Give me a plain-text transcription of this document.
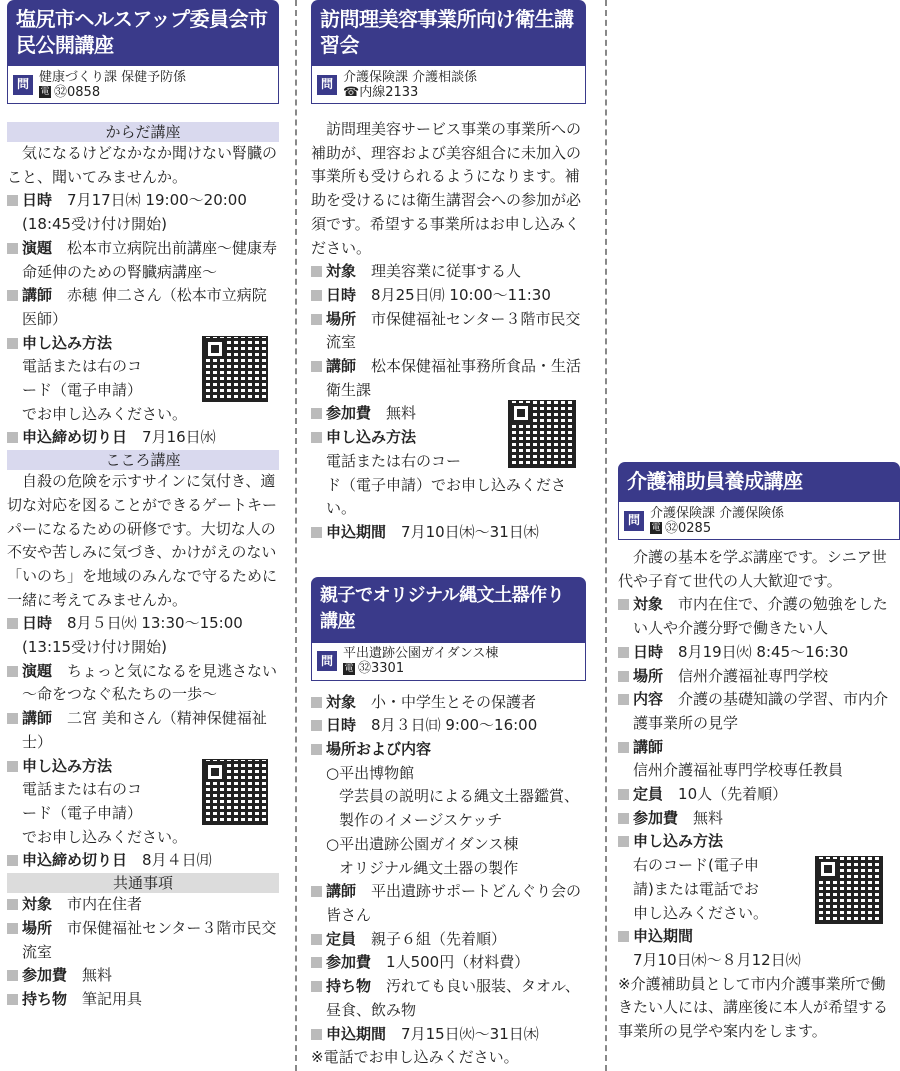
塩尻市ヘルスアップ委員会市民公開講座
問 健康づくり課 保健予防係
電 ㉜0858
からだ講座

気になるけどなかなか聞けない腎臓のこと、聞いてみませんか。

日時　 7月17日㈭ 19:00～20:00

(18:45受け付け開始)

演題　 松本市立病院出前講座～健康寿命延伸のための腎臓病講座～

講師　 赤穂 伸二さん（松本市立病院医師）

申し込み方法

電話または右のコ

ード（電子申請）

でお申し込みください。

申込締め切り日　 7月16日㈬

こころ講座

自殺の危険を示すサインに気付き、適切な対応を図ることができるゲートキーパーになるための研修です。大切な人の不安や苦しみに気づき、かけがえのない「いのち」を地域のみんなで守るために一緒に考えてみませんか。

日時　 8月５日㈫ 13:30～15:00

(13:15受け付け開始)

演題　 ちょっと気になるを見逃さない～命をつなぐ私たちの一歩～

講師　 二宮 美和さん（精神保健福祉士）

申し込み方法

電話または右のコ

ード（電子申請）

でお申し込みください。

申込締め切り日　 8月４日㈪

共通事項

対象　 市内在住者

場所　 市保健福祉センター３階市民交流室

参加費　 無料

持ち物　 筆記用具

訪問理美容事業所向け衛生講習会
問 介護保険課 介護相談係
☎内線2133

訪問理美容サービス事業の事業所への補助が、理容および美容組合に未加入の事業所も受けられるようになります。補助を受けるには衛生講習会への参加が必須です。希望する事業所はお申し込みください。

対象　 理美容業に従事する人

日時　 8月25日㈪ 10:00～11:30

場所　 市保健福祉センター３階市民交流室

講師　 松本保健福祉事務所食品・生活衛生課

参加費　 無料

申し込み方法

電話または右のコー

ド（電子申請）でお申し込みください。

申込期間　 7月10日㈭～31日㈭

親子でオリジナル縄文土器作り講座
問 平出遺跡公園ガイダンス棟
電 ㉜3301

対象　 小・中学生とその保護者

日時　 8月３日㈰ 9:00～16:00

場所および内容

○平出博物館

学芸員の説明による縄文土器鑑賞、製作のイメージスケッチ

○平出遺跡公園ガイダンス棟

オリジナル縄文土器の製作

講師　 平出遺跡サポートどんぐり会の皆さん

定員　 親子６組（先着順）

参加費　 1人500円（材料費）

持ち物　 汚れても良い服装、タオル、昼食、飲み物

申込期間　 7月15日㈫～31日㈭

※電話でお申し込みください。

介護補助員養成講座
問 介護保険課 介護保険係
電 ㉜0285

介護の基本を学ぶ講座です。シニア世代や子育て世代の人大歓迎です。

対象　 市内在住で、介護の勉強をしたい人や介護分野で働きたい人

日時　 8月19日㈫ 8:45～16:30

場所　 信州介護福祉専門学校

内容　 介護の基礎知識の学習、市内介護事業所の見学

講師

信州介護福祉専門学校専任教員

定員　 10人（先着順）

参加費　 無料

申し込み方法

右のコード(電子申

請)または電話でお

申し込みください。

申込期間

7月10日㈭～８月12日㈫

※介護補助員として市内介護事業所で働きたい人には、講座後に本人が希望する事業所の見学や案内をします。
